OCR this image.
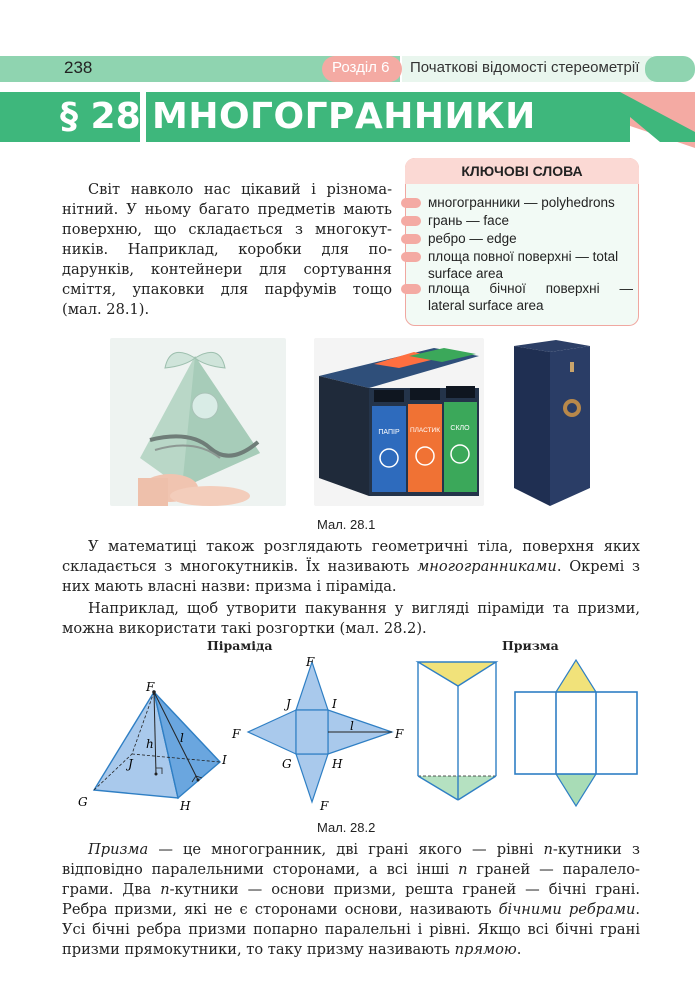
238	Розділ 6 Початкові відомості стереометрії
§ 28 МНОГОГРАННИКИ
Світ навколо нас цікавий і різнома-
нітний. У ньому багато предметів мають
поверхню, що складається з многокут-
ників. Наприклад, коробки для по-
дарунків, контейнери для сортування
сміття, упаковки для парфумів тощо
(мал. 28.1).
КЛЮЧОВІ СЛОВА
многогранники — polyhedrons
грань — face
ребро — edge
площа повної поверхні — total
surface area
площа бічної поверхні —
lateral surface area
ПАПІР ПЛАСТИК СКЛО
Мал. 28.1
У математиці також розглядають геометричні тіла, поверхня яких
складається з многокутників. Їх називають многогранниками. Окремі з
них мають власні назви: призма і піраміда.
Наприклад, щоб утворити пакування у вигляді піраміди та призми,
можна використати такі розгортки (мал. 28.2).
Піраміда	Призма
F
J	I
G	H
h l
F
F	F
F
J	I
G	H
l
Мал. 28.2
Призма — це многогранник, дві грані якого — рівні n-кутники з
відповідно паралельними сторонами, а всі інші n граней — паралело-
грами. Два n-кутники — основи призми, решта граней — бічні грані.
Ребра призми, які не є сторонами основи, називають бічними ребрами.
Усі бічні ребра призми попарно паралельні і рівні. Якщо всі бічні грані
призми прямокутники, то таку призму називають прямою.
